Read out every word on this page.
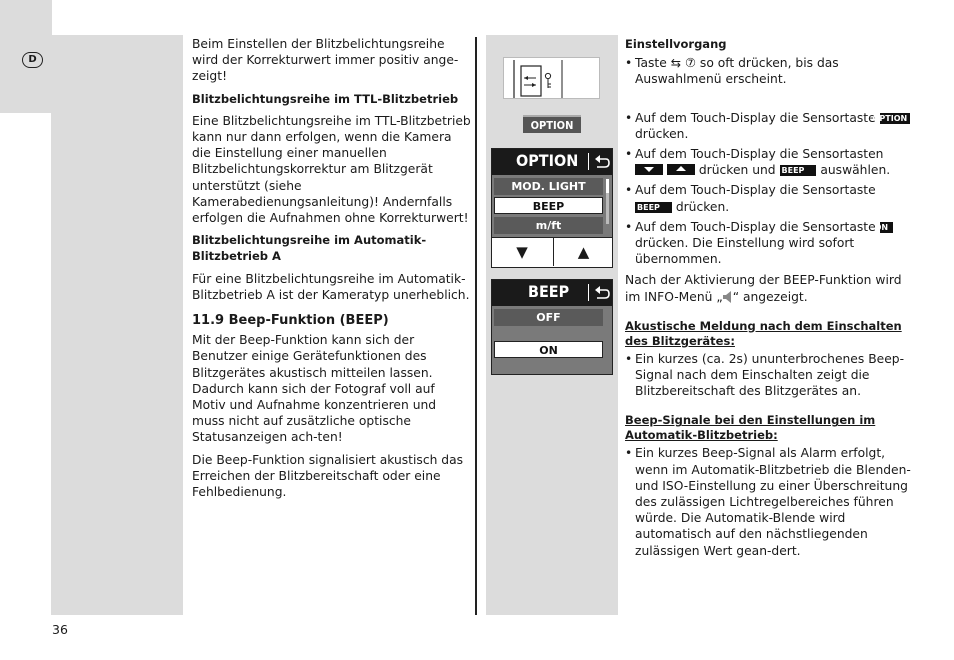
D

Beim Einstellen der Blitzbelichtungsreihe wird der Korrekturwert immer positiv ange-zeigt!

Blitzbelichtungsreihe im TTL-Blitzbetrieb

Eine Blitzbelichtungsreihe im TTL-Blitzbetrieb kann nur dann erfolgen, wenn die Kamera die Einstellung einer manuellen Blitzbelichtungskorrektur am Blitzgerät unterstützt (siehe Kamerabedienungsanleitung)! Andernfalls erfolgen die Aufnahmen ohne Korrekturwert!

Blitzbelichtungsreihe im Automatik-Blitzbetrieb A

Für eine Blitzbelichtungsreihe im Automatik-Blitzbetrieb A ist der Kameratyp unerheblich.

11.9 Beep-Funktion (BEEP)

Mit der Beep-Funktion kann sich der Benutzer einige Gerätefunktionen des Blitzgerätes akustisch mitteilen lassen. Dadurch kann sich der Fotograf voll auf Motiv und Aufnahme konzentrieren und muss nicht auf zusätzliche optische Statusanzeigen ach-ten!

Die Beep-Funktion signalisiert akustisch das Erreichen der Blitzbereitschaft oder eine Fehlbedienung.

OPTION
OPTION
MOD. LIGHT
BEEP
m/ft
▼	▲
BEEP
OFF
ON
Einstellvorgang
• Taste ⇆ ⑦ so oft drücken, bis das Auswahlmenü erscheint.
• Auf dem Touch-Display die Sensortaste OPTION drücken.
• Auf dem Touch-Display die Sensortasten   drücken und BEEP auswählen.
• Auf dem Touch-Display die Sensortaste BEEP drücken.
• Auf dem Touch-Display die Sensortaste ON drücken. Die Einstellung wird sofort übernommen.

Nach der Aktivierung der BEEP-Funktion wird im INFO-Menü „ “ angezeigt.

Akustische Meldung nach dem Einschalten des Blitzgerätes:
• Ein kurzes (ca. 2s) ununterbrochenes Beep-Signal nach dem Einschalten zeigt die Blitzbereitschaft des Blitzgerätes an.
Beep-Signale bei den Einstellungen im Automatik-Blitzbetrieb:
• Ein kurzes Beep-Signal als Alarm erfolgt, wenn im Automatik-Blitzbetrieb die Blenden- und ISO-Einstellung zu einer Überschreitung des zulässigen Lichtregelbereiches führen würde. Die Automatik-Blende wird automatisch auf den nächstliegenden zulässigen Wert gean-dert.
36
